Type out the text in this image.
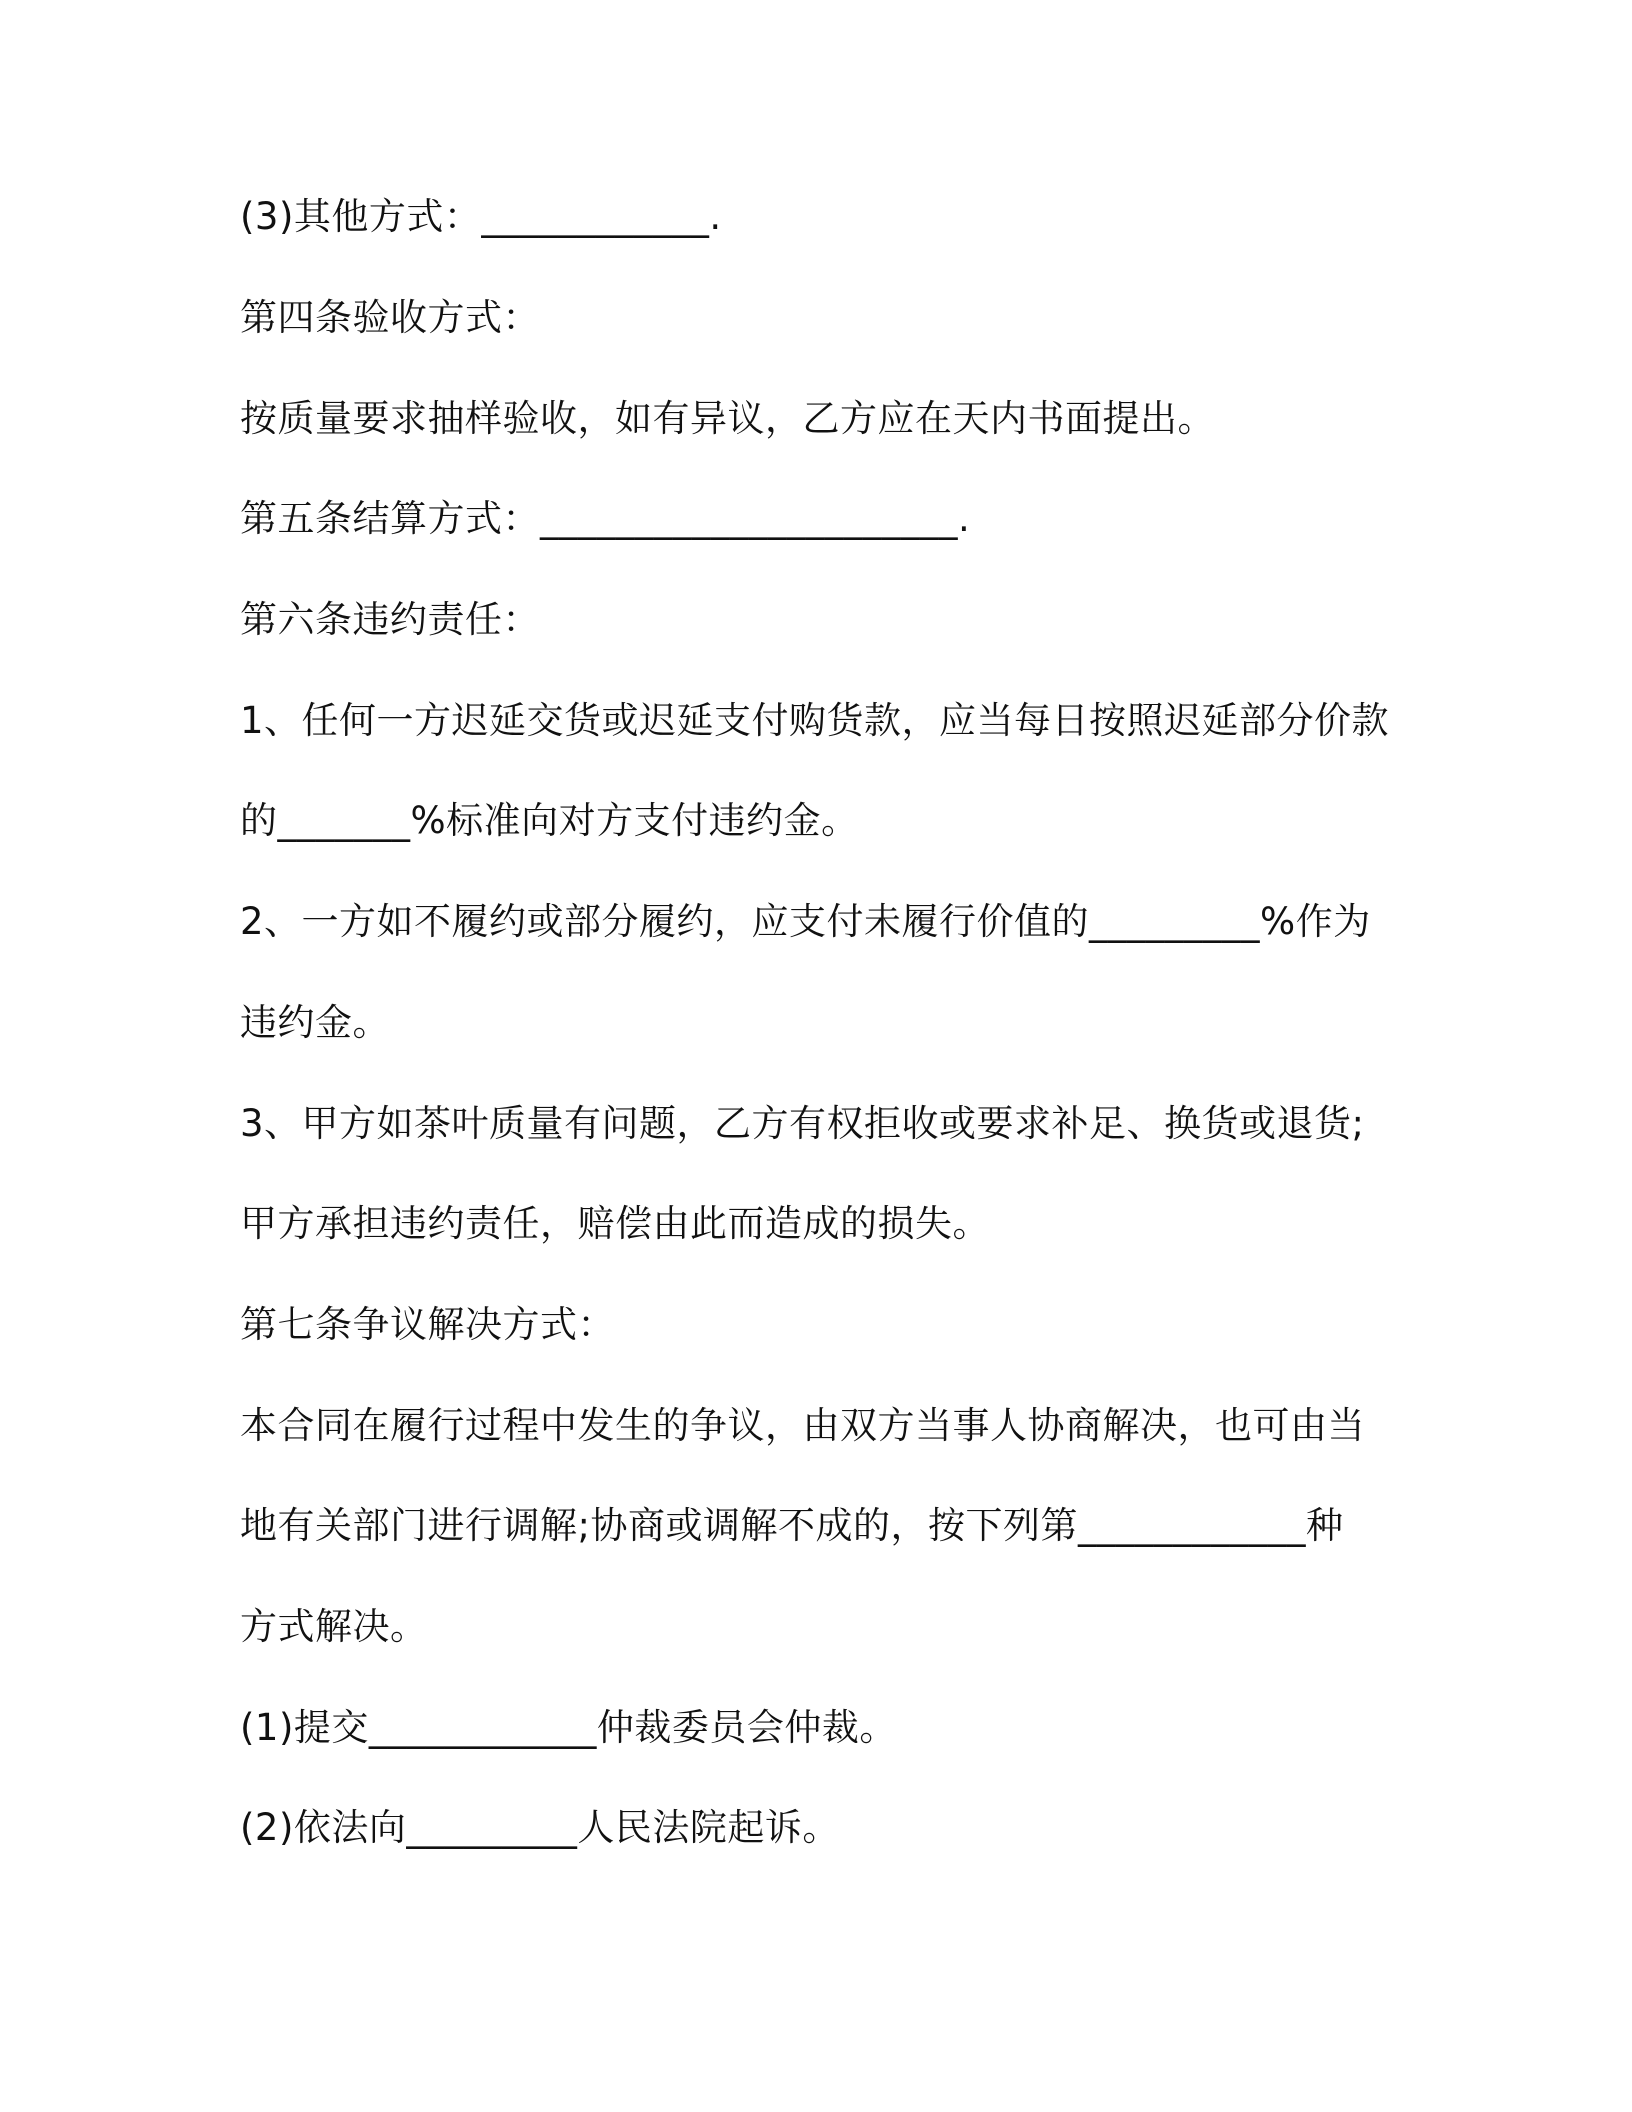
(3)其他方式：____________.
第四条验收方式：
按质量要求抽样验收，如有异议，乙方应在天内书面提出。
第五条结算方式：______________________.
第六条违约责任：
1、任何一方迟延交货或迟延支付购货款，应当每日按照迟延部分价款
的_______%标准向对方支付违约金。
2、一方如不履约或部分履约，应支付未履行价值的_________%作为
违约金。
3、甲方如茶叶质量有问题，乙方有权拒收或要求补足、换货或退货;
甲方承担违约责任，赔偿由此而造成的损失。
第七条争议解决方式：
本合同在履行过程中发生的争议，由双方当事人协商解决，也可由当
地有关部门进行调解;协商或调解不成的，按下列第____________种
方式解决。
(1)提交____________仲裁委员会仲裁。
(2)依法向_________人民法院起诉。
